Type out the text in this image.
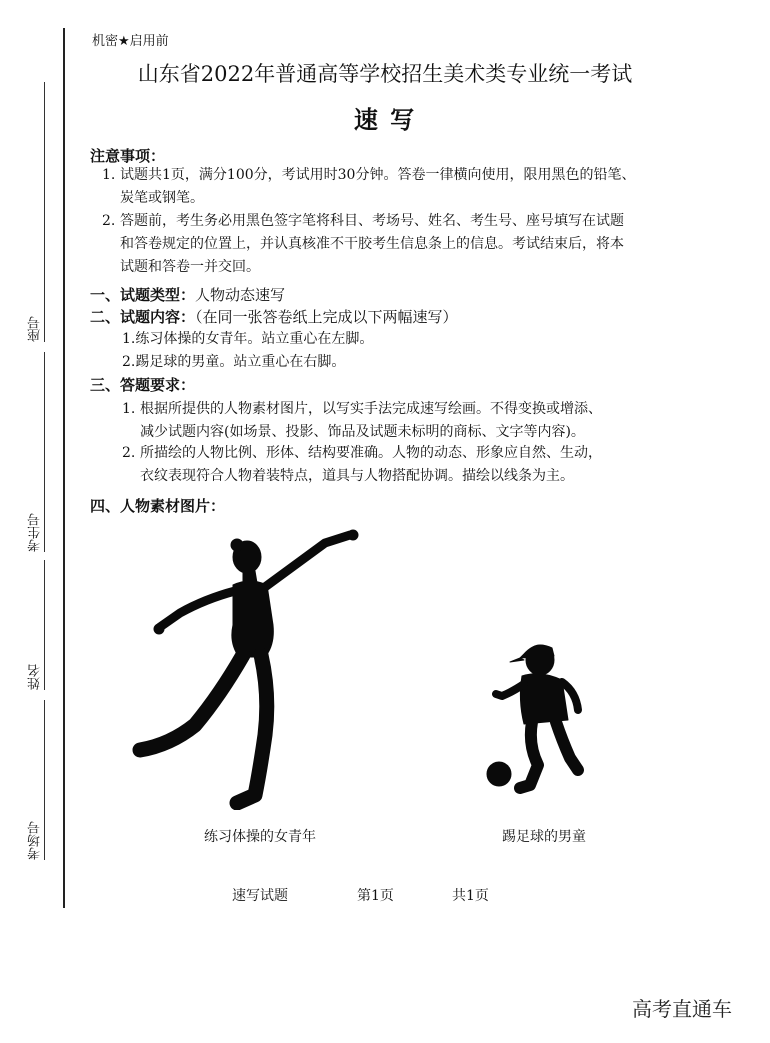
座号
考生号
姓名
考场号
机密★启用前
山东省2022年普通高等学校招生美术类专业统一考试
速 写
注意事项：
1. 试题共1页，满分100分，考试用时30分钟。答卷一律横向使用，限用黑色的铅笔、
炭笔或钢笔。
2. 答题前，考生务必用黑色签字笔将科目、考场号、姓名、考生号、座号填写在试题
和答卷规定的位置上，并认真核准不干胶考生信息条上的信息。考试结束后，将本
试题和答卷一并交回。
一、试题类型：人物动态速写
二、试题内容：（在同一张答卷纸上完成以下两幅速写）
1.练习体操的女青年。站立重心在左脚。
2.踢足球的男童。站立重心在右脚。
三、答题要求：
1. 根据所提供的人物素材图片，以写实手法完成速写绘画。不得变换或增添、
减少试题内容(如场景、投影、饰品及试题未标明的商标、文字等内容)。
2. 所描绘的人物比例、形体、结构要准确。人物的动态、形象应自然、生动，
衣纹表现符合人物着装特点，道具与人物搭配协调。描绘以线条为主。
四、人物素材图片：
练习体操的女青年	踢足球的男童
速写试题	第1页	共1页
高考直通车
